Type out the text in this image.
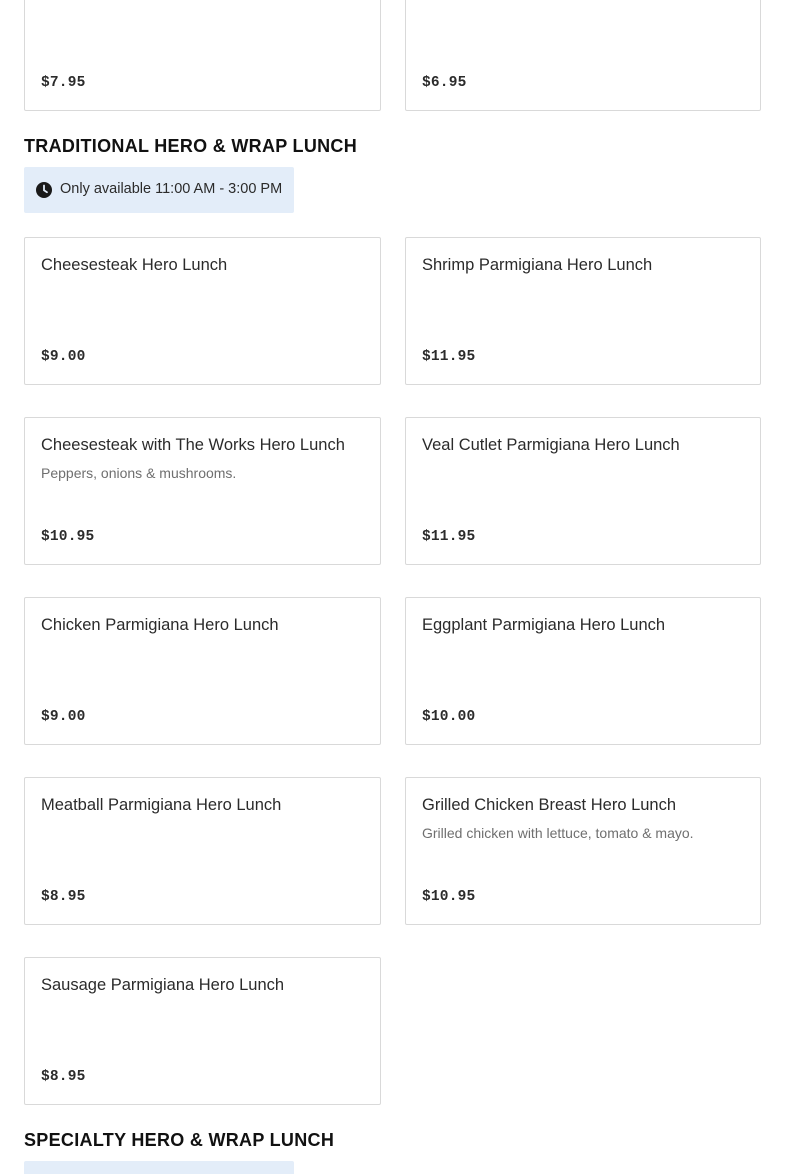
$7.95	$6.95
TRADITIONAL HERO & WRAP LUNCH
Only available 11:00 AM - 3:00 PM
Cheesesteak Hero Lunch
$9.00
Shrimp Parmigiana Hero Lunch
$11.95
Cheesesteak with The Works Hero Lunch
Peppers, onions & mushrooms.
$10.95
Veal Cutlet Parmigiana Hero Lunch
$11.95
Chicken Parmigiana Hero Lunch
$9.00
Eggplant Parmigiana Hero Lunch
$10.00
Meatball Parmigiana Hero Lunch
$8.95
Grilled Chicken Breast Hero Lunch
Grilled chicken with lettuce, tomato & mayo.
$10.95
Sausage Parmigiana Hero Lunch
$8.95
SPECIALTY HERO & WRAP LUNCH
